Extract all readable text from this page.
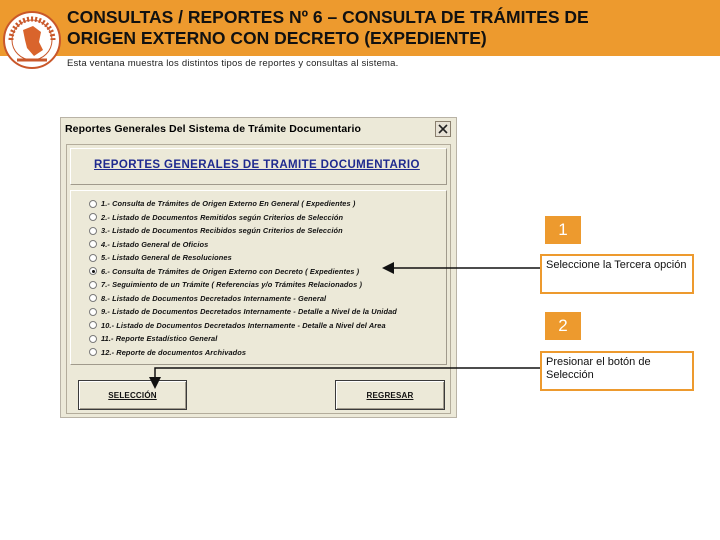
CONSULTAS / REPORTES Nº 6 – CONSULTA DE TRÁMITES DE
ORIGEN EXTERNO CON DECRETO (EXPEDIENTE)
Esta ventana muestra los distintos tipos de reportes y consultas al sistema.
Reportes Generales Del Sistema de Trámite Documentario
REPORTES GENERALES DE TRAMITE DOCUMENTARIO
1.- Consulta de Trámites de Origen Externo En General ( Expedientes )
2.- Listado de Documentos Remitidos según Criterios de Selección
3.- Listado de Documentos Recibidos según Criterios de Selección
4.- Listado General de Oficios
5.- Listado General de Resoluciones
6.- Consulta de Trámites de Origen Externo con Decreto ( Expedientes )
7.- Seguimiento de un Trámite ( Referencias y/o Trámites Relacionados )
8.- Listado de Documentos Decretados Internamente - General
9.- Listado de Documentos Decretados Internamente - Detalle a Nivel de la Unidad
10.- Listado de Documentos Decretados Internamente - Detalle a Nivel del Area
11.- Reporte Estadístico General
12.- Reporte de documentos Archivados
SELECCIÓN	REGRESAR
1
Seleccione la Tercera opción
2
Presionar el botón de Selección
